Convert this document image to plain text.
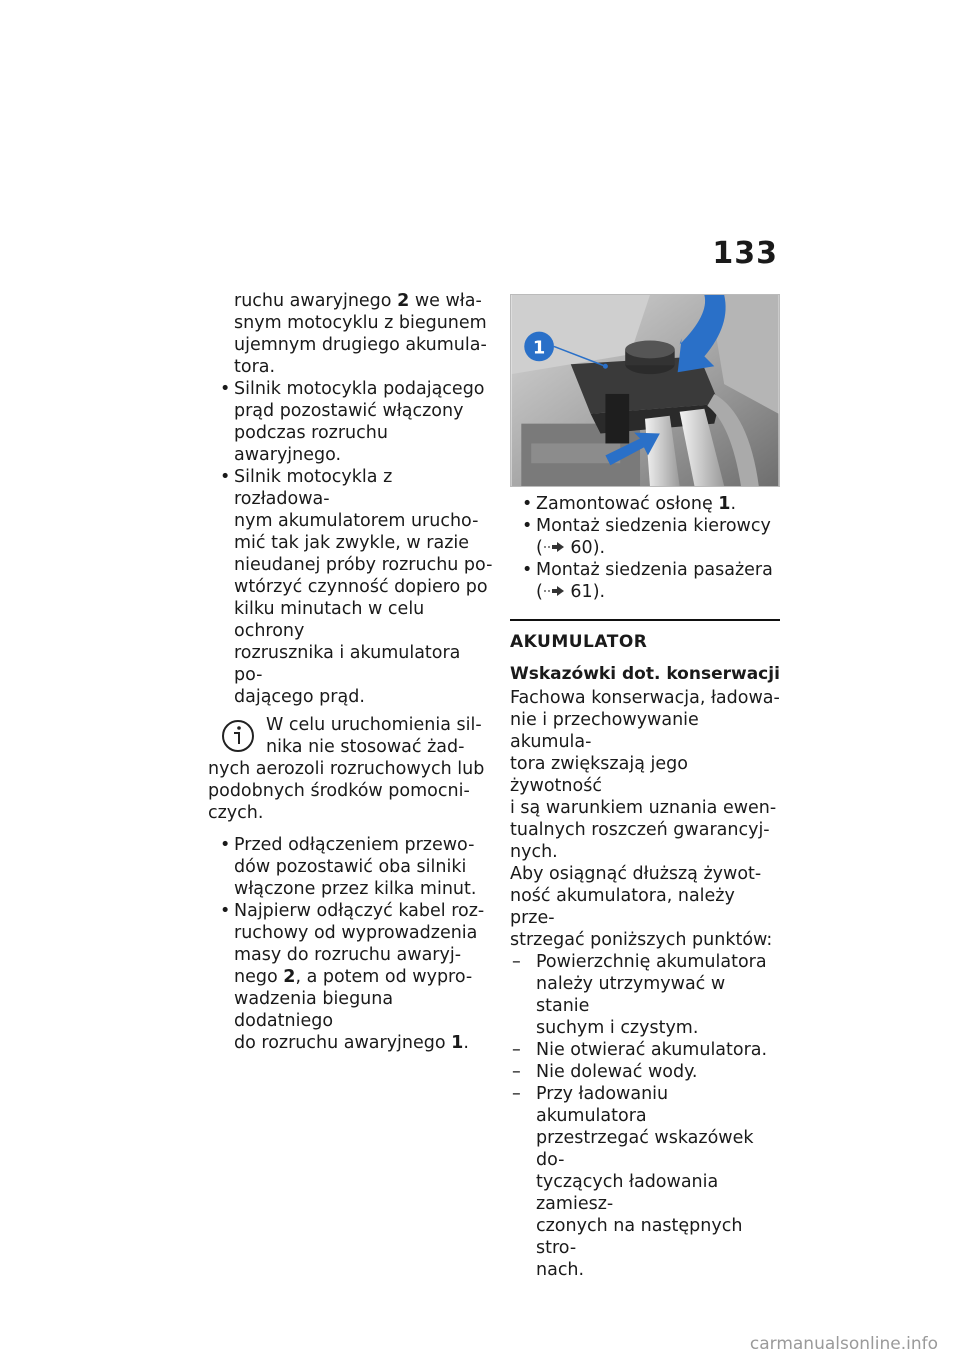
133

ruchu awaryjnego 2 we wła-

snym motocyklu z biegunem

ujemnym drugiego akumula-

tora.

• Silnik motocykla podającego
prąd pozostawić włączony
podczas rozruchu awaryjnego.
• Silnik motocykla z rozładowa-
nym akumulatorem urucho-
mić tak jak zwykle, w razie
nieudanej próby rozruchu po-
wtórzyć czynność dopiero po
kilku minutach w celu ochrony
rozrusznika i akumulatora po-
dającego prąd.

W celu uruchomienia sil-

nika nie stosować żad-

nych aerozoli rozruchowych lub

podobnych środków pomocni-

czych.

• Przed odłączeniem przewo-
dów pozostawić oba silniki
włączone przez kilka minut.
• Najpierw odłączyć kabel roz-
ruchowy od wyprowadzenia
masy do rozruchu awaryj-
nego 2, a potem od wypro-
wadzenia bieguna dodatniego
do rozruchu awaryjnego 1.
1
• Zamontować osłonę 1.
• Montaż siedzenia kierowcy
( 60).
• Montaż siedzenia pasażera
( 61).
AKUMULATOR
Wskazówki dot. konserwacji

Fachowa konserwacja, ładowa-

nie i przechowywanie akumula-

tora zwiększają jego żywotność

i są warunkiem uznania ewen-

tualnych roszczeń gwarancyj-

nych.

Aby osiągnąć dłuższą żywot-

ność akumulatora, należy prze-

strzegać poniższych punktów:

– Powierzchnię akumulatora
należy utrzymywać w stanie
suchym i czystym.
– Nie otwierać akumulatora.
– Nie dolewać wody.
– Przy ładowaniu akumulatora
przestrzegać wskazówek do-
tyczących ładowania zamiesz-
czonych na następnych stro-
nach.
carmanualsonline.info
